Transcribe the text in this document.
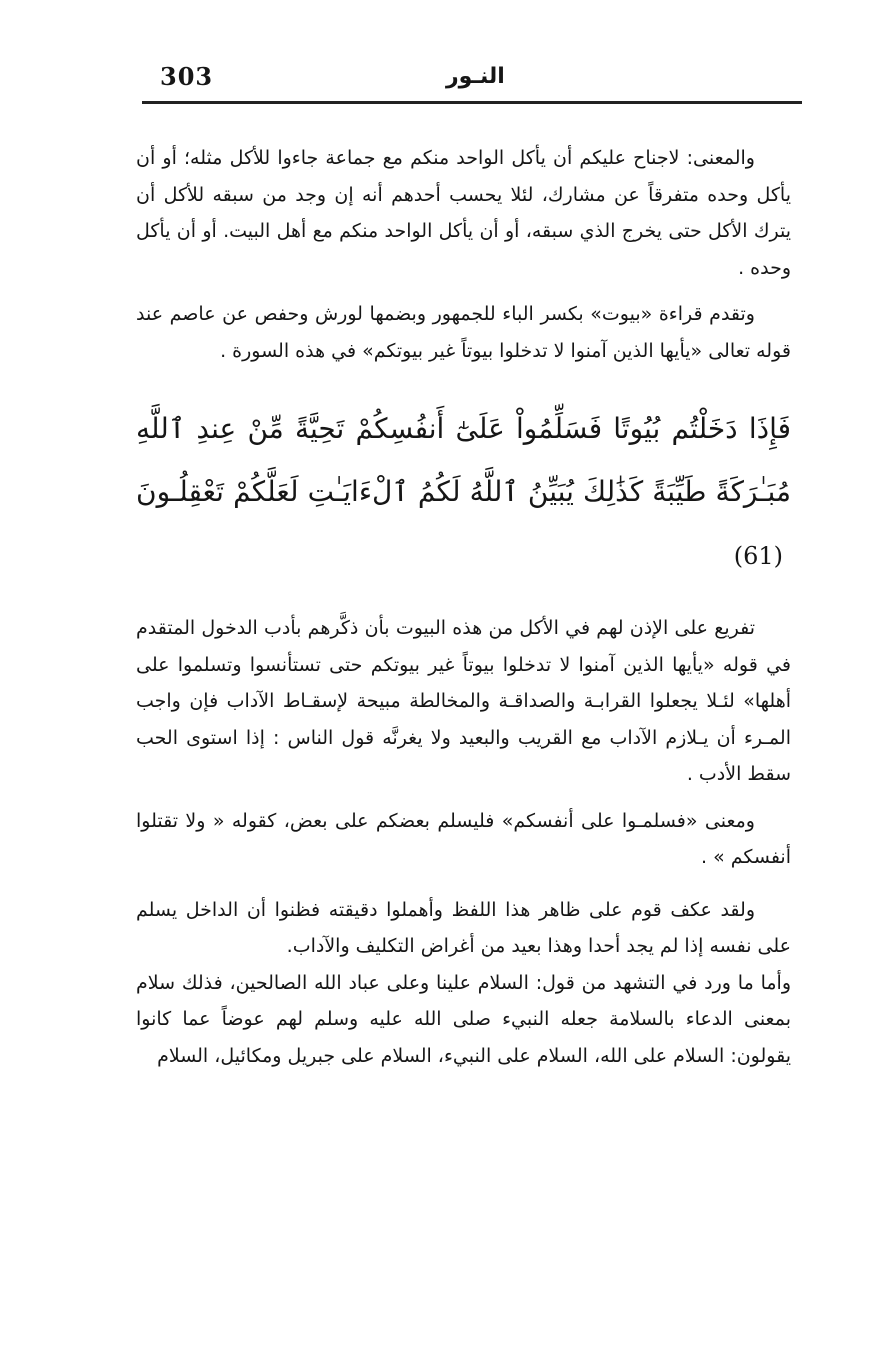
303	النـور

والمعنى: لاجناح عليكم أن يأكل الواحد منكم مع جماعة جاءوا للأكل مثله؛ أو أن يأكل وحده متفرقاً عن مشارك، لئلا يحسب أحدهم أنه إن وجد من سبقه للأكل أن يترك الأكل حتى يخرج الذي سبقه، أو أن يأكل الواحد منكم مع أهل البيت. أو أن يأكل وحده .

وتقدم قراءة «بيوت» بكسر الباء للجمهور وبضمها لورش وحفص عن عاصم عند قوله تعالى «يأيها الذين آمنوا لا تدخلوا بيوتاً غير بيوتكم» في هذه السورة .

فَإِذَا دَخَلْتُم بُيُوتًا فَسَلِّمُواْ عَلَىٰٓ أَنفُسِكُمْ تَحِيَّةً مِّنْ عِندِ ٱللَّهِ مُبَـٰرَكَةً طَيِّبَةً كَذَٰلِكَ يُبَيِّنُ ٱللَّهُ لَكُمُ ٱلْءَايَـٰتِ لَعَلَّكُمْ تَعْقِلُـونَ (61)

تفريع على الإذن لهم في الأكل من هذه البيوت بأن ذكَّرهم بأدب الدخول المتقدم في قوله «يأيها الذين آمنوا لا تدخلوا بيوتاً غير بيوتكم حتى تستأنسوا وتسلموا على أهلها» لئـلا يجعلوا القرابـة والصداقـة والمخالطة مبيحة لإسقـاط الآداب فإن واجب المـرء أن يـلازم الآداب مع القريب والبعيد ولا يغرنَّه قول الناس : إذا استوى الحب سقط الأدب .

ومعنى «فسلمـوا على أنفسكم» فليسلم بعضكم على بعض، كقوله « ولا تقتلوا أنفسكم » .

ولقد عكف قوم على ظاهر هذا اللفظ وأهملوا دقيقته فظنوا أن الداخل يسلم على نفسه إذا لم يجد أحدا وهذا بعيد من أغراض التكليف والآداب.

وأما ما ورد في التشهد من قول: السلام علينا وعلى عباد الله الصالحين، فذلك سلام بمعنى الدعاء بالسلامة جعله النبيء صلى الله عليه وسلم لهم عوضاً عما كانوا يقولون: السلام على الله، السلام على النبيء، السلام على جبريل ومكائيل، السلام
